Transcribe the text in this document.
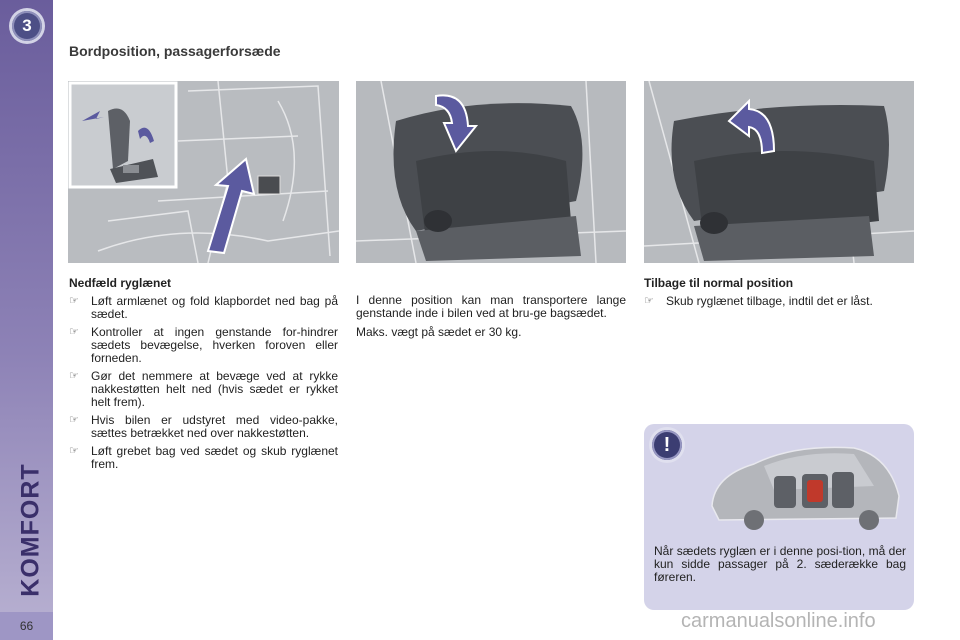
3
KOMFORT
66
Bordposition, passagerforsæde
Nedfæld ryglænet
☞ Løft armlænet og fold klapbordet ned bag på sædet.
☞ Kontroller at ingen genstande for-hindrer sædets bevægelse, hverken foroven eller forneden.
☞ Gør det nemmere at bevæge ved at rykke nakkestøtten helt ned (hvis sædet er rykket helt frem).
☞ Hvis bilen er udstyret med video-pakke, sættes betrækket ned over nakkestøtten.
☞ Løft grebet bag ved sædet og skub ryglænet frem.

I denne position kan man transportere lange genstande inde i bilen ved at bru-ge bagsædet.

Maks. vægt på sædet er 30 kg.

Tilbage til normal position
☞ Skub ryglænet tilbage, indtil det er låst.
!
Når sædets ryglæn er i denne posi-tion, må der kun sidde passager på 2. sæderække bag føreren.
carmanualsonline.info
